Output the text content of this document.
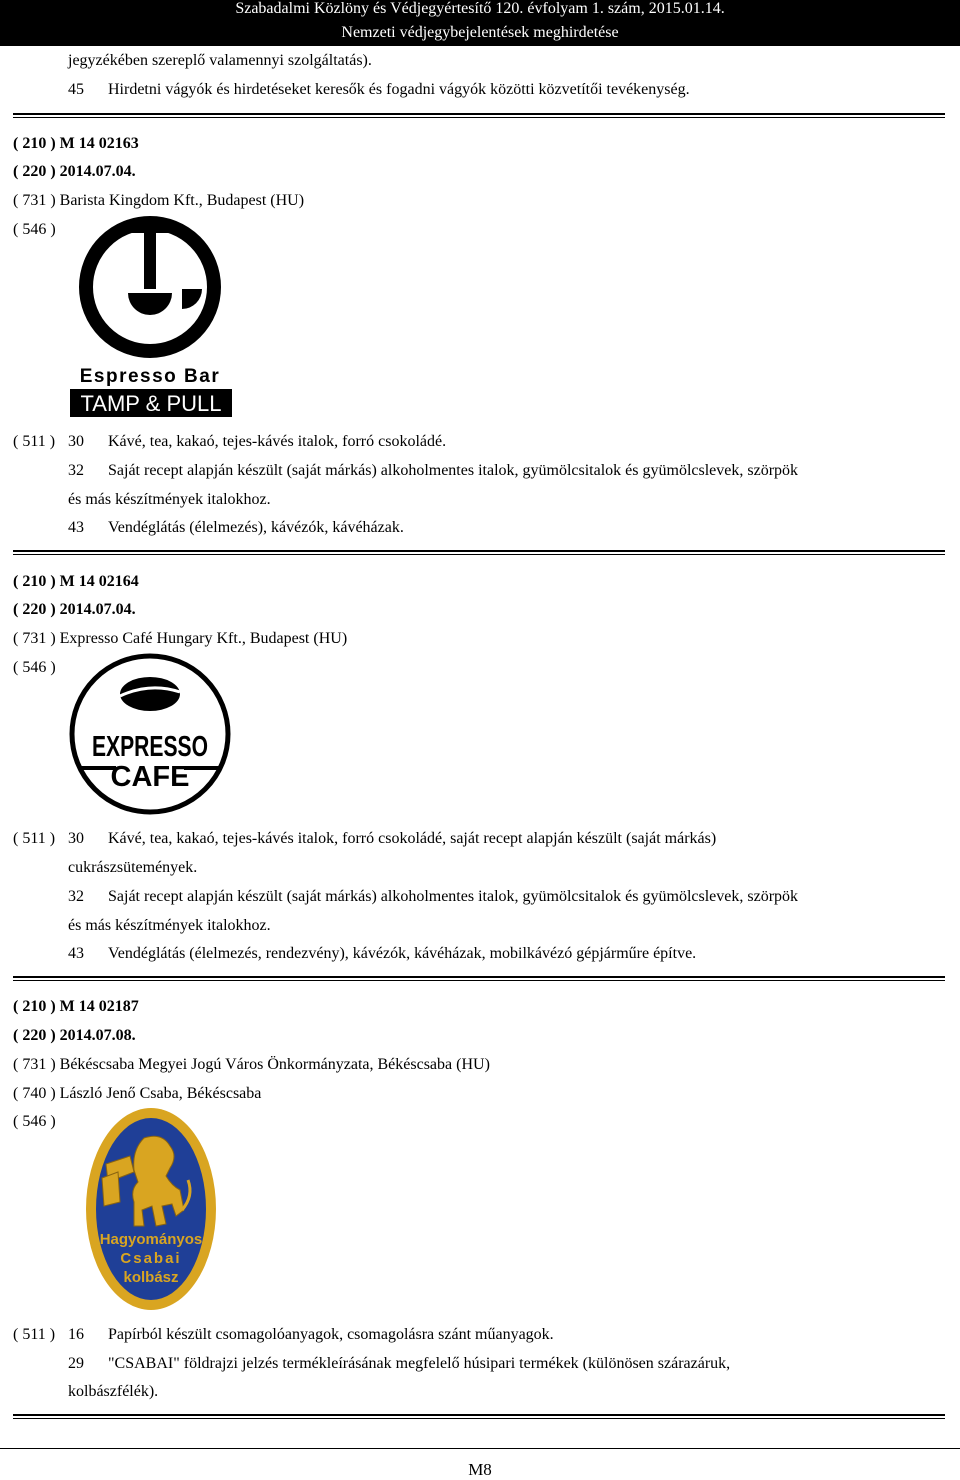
Szabadalmi Közlöny és Védjegyértesítő 120. évfolyam 1. szám, 2015.01.14.
Nemzeti védjegybejelentések meghirdetése
jegyzékében szereplő valamennyi szolgáltatás).
45 Hirdetni vágyók és hirdetéseket keresők és fogadni vágyók közötti közvetítői tevékenység.
( 210 ) M 14 02163
( 220 ) 2014.07.04.
( 731 ) Barista Kingdom Kft., Budapest (HU)
( 546 )
Espresso Bar
TAMP & PULL
( 511 ) 30 Kávé, tea, kakaó, tejes-kávés italok, forró csokoládé.
32 Saját recept alapján készült (saját márkás) alkoholmentes italok, gyümölcsitalok és gyümölcslevek, szörpök
és más készítmények italokhoz.
43 Vendéglátás (élelmezés), kávézók, kávéházak.
( 210 ) M 14 02164
( 220 ) 2014.07.04.
( 731 ) Expresso Café Hungary Kft., Budapest (HU)
( 546 )
EXPRESSO
CAFE
( 511 ) 30 Kávé, tea, kakaó, tejes-kávés italok, forró csokoládé, saját recept alapján készült (saját márkás)
cukrászsütemények.
32 Saját recept alapján készült (saját márkás) alkoholmentes italok, gyümölcsitalok és gyümölcslevek, szörpök
és más készítmények italokhoz.
43 Vendéglátás (élelmezés, rendezvény), kávézók, kávéházak, mobilkávézó gépjárműre építve.
( 210 ) M 14 02187
( 220 ) 2014.07.08.
( 731 ) Békéscsaba Megyei Jogú Város Önkormányzata, Békéscsaba (HU)
( 740 ) László Jenő Csaba, Békéscsaba
( 546 )
Hagyományos
Csabai
kolbász
( 511 ) 16 Papírból készült csomagolóanyagok, csomagolásra szánt műanyagok.
29 "CSABAI" földrajzi jelzés termékleírásának megfelelő húsipari termékek (különösen szárazáruk,
kolbászfélék).
M8
